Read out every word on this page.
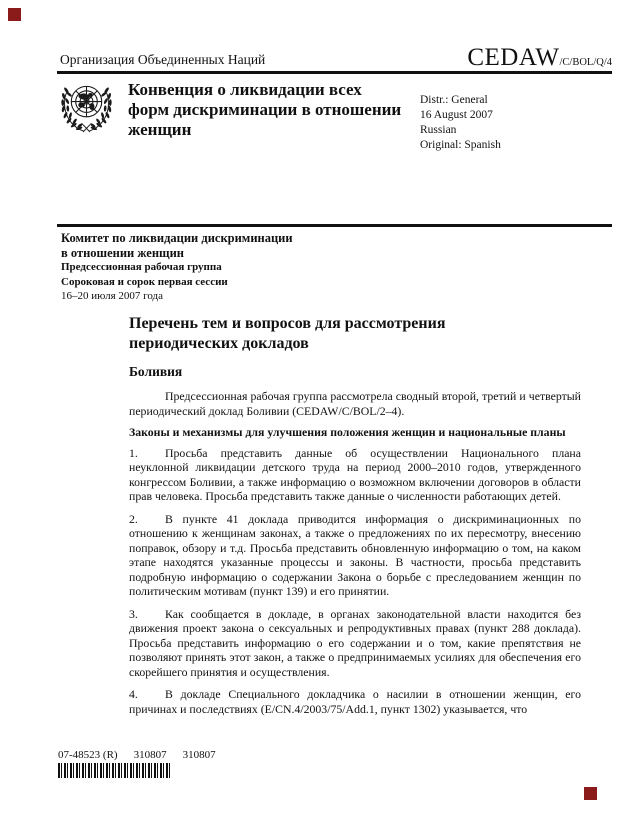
Организация Объединенных Наций	CEDAW/C/BOL/Q/4
Конвенция о ликвидации всех форм дискриминации в отношении женщин
Distr.: General
16 August 2007
Russian
Original: Spanish
Комитет по ликвидации дискриминации
в отношении женщин
Предсессионная рабочая группа
Сороковая и сорок первая сессии
16–20 июля 2007 года
Перечень тем и вопросов для рассмотрения периодических докладов
Боливия

Предсессионная рабочая группа рассмотрела сводный второй, третий и четвертый периодический доклад Боливии (CEDAW/C/BOL/2–4).

Законы и механизмы для улучшения положения женщин и национальные планы

1. Просьба представить данные об осуществлении Национального плана неуклонной ликвидации детского труда на период 2000–2010 годов, утвержденного конгрессом Боливии, а также информацию о возможном включении договоров в области прав человека. Просьба представить также данные о численности работающих детей.

2. В пункте 41 доклада приводится информация о дискриминационных по отношению к женщинам законах, а также о предложениях по их пересмотру, внесению поправок, обзору и т.д. Просьба представить обновленную информацию о том, на каком этапе находятся указанные процессы и законы. В частности, просьба представить подробную информацию о содержании Закона о борьбе с преследованием женщин по политическим мотивам (пункт 139) и его принятии.

3. Как сообщается в докладе, в органах законодательной власти находится без движения проект закона о сексуальных и репродуктивных правах (пункт 288 доклада). Просьба представить информацию о его содержании и о том, какие препятствия не позволяют принять этот закон, а также о предпринимаемых усилиях для обеспечения его скорейшего принятия и осуществления.

4. В докладе Специального докладчика о насилии в отношении женщин, его причинах и последствиях (E/CN.4/2003/75/Add.1, пункт 1302) указывается, что

07-48523 (R) 310807 310807
